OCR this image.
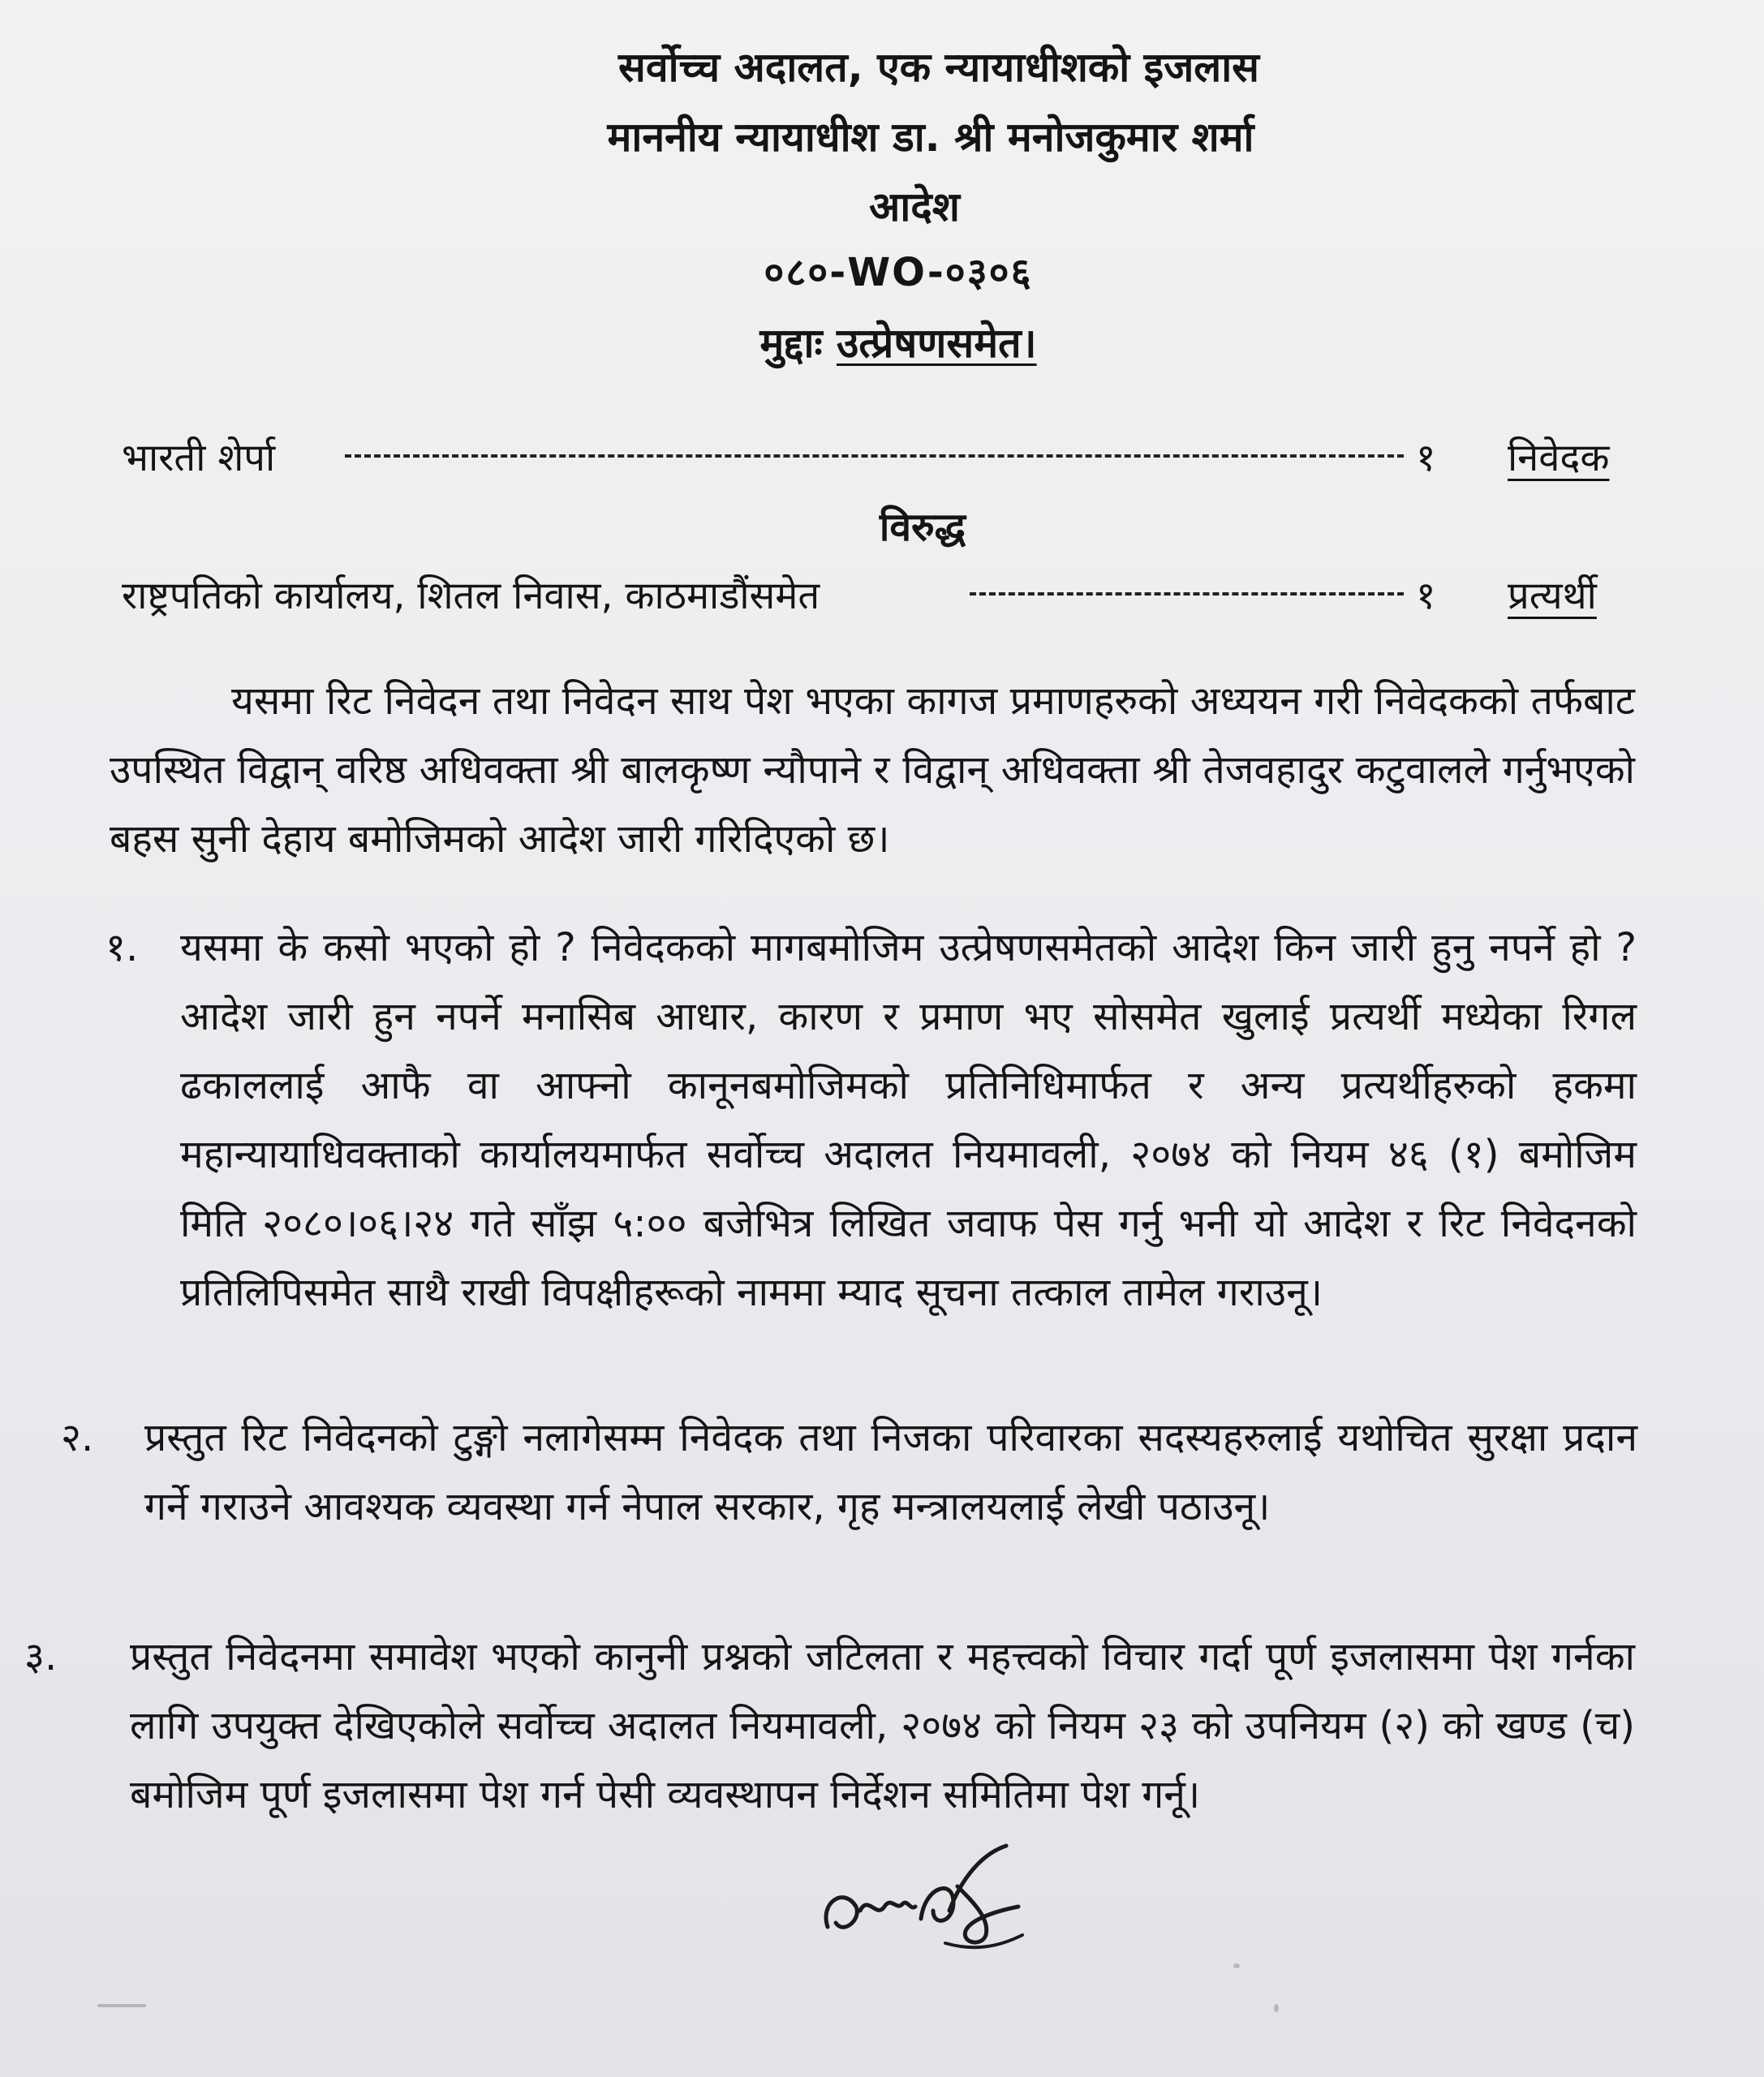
सर्वोच्च अदालत, एक न्यायाधीशको इजलास
माननीय न्यायाधीश डा. श्री मनोजकुमार शर्मा
आदेश
०८०-WO-०३०६
मुद्दाः उत्प्रेषणसमेत।
भारती शेर्पा	१ निवेदक
विरुद्ध
राष्ट्रपतिको कार्यालय, शितल निवास, काठमाडौंसमेत	१ प्रत्यर्थी
यसमा रिट निवेदन तथा निवेदन साथ पेश भएका कागज प्रमाणहरुको अध्ययन गरी निवेदकको तर्फबाट उपस्थित विद्वान् वरिष्ठ अधिवक्ता श्री बालकृष्ण न्यौपाने र विद्वान् अधिवक्ता श्री तेजवहादुर कटुवालले गर्नुभएको बहस सुनी देहाय बमोजिमको आदेश जारी गरिदिएको छ।
१. यसमा के कसो भएको हो ? निवेदकको मागबमोजिम उत्प्रेषणसमेतको आदेश किन जारी हुनु नपर्ने हो ? आदेश जारी हुन नपर्ने मनासिब आधार, कारण र प्रमाण भए सोसमेत खुलाई प्रत्यर्थी मध्येका रिगल ढकाललाई आफै वा आफ्नो कानूनबमोजिमको प्रतिनिधिमार्फत र अन्य प्रत्यर्थीहरुको हकमा महान्यायाधिवक्ताको कार्यालयमार्फत सर्वोच्च अदालत नियमावली, २०७४ को नियम ४६ (१) बमोजिम मिति २०८०।०६।२४ गते साँझ ५:०० बजेभित्र लिखित जवाफ पेस गर्नु भनी यो आदेश र रिट निवेदनको प्रतिलिपिसमेत साथै राखी विपक्षीहरूको नाममा म्याद सूचना तत्काल तामेल गराउनू।
२. प्रस्तुत रिट निवेदनको टुङ्गो नलागेसम्म निवेदक तथा निजका परिवारका सदस्यहरुलाई यथोचित सुरक्षा प्रदान गर्ने गराउने आवश्यक व्यवस्था गर्न नेपाल सरकार, गृह मन्त्रालयलाई लेखी पठाउनू।
३. प्रस्तुत निवेदनमा समावेश भएको कानुनी प्रश्नको जटिलता र महत्त्वको विचार गर्दा पूर्ण इजलासमा पेश गर्नका लागि उपयुक्त देखिएकोले सर्वोच्च अदालत नियमावली, २०७४ को नियम २३ को उपनियम (२) को खण्ड (च) बमोजिम पूर्ण इजलासमा पेश गर्न पेसी व्यवस्थापन निर्देशन समितिमा पेश गर्नू।
